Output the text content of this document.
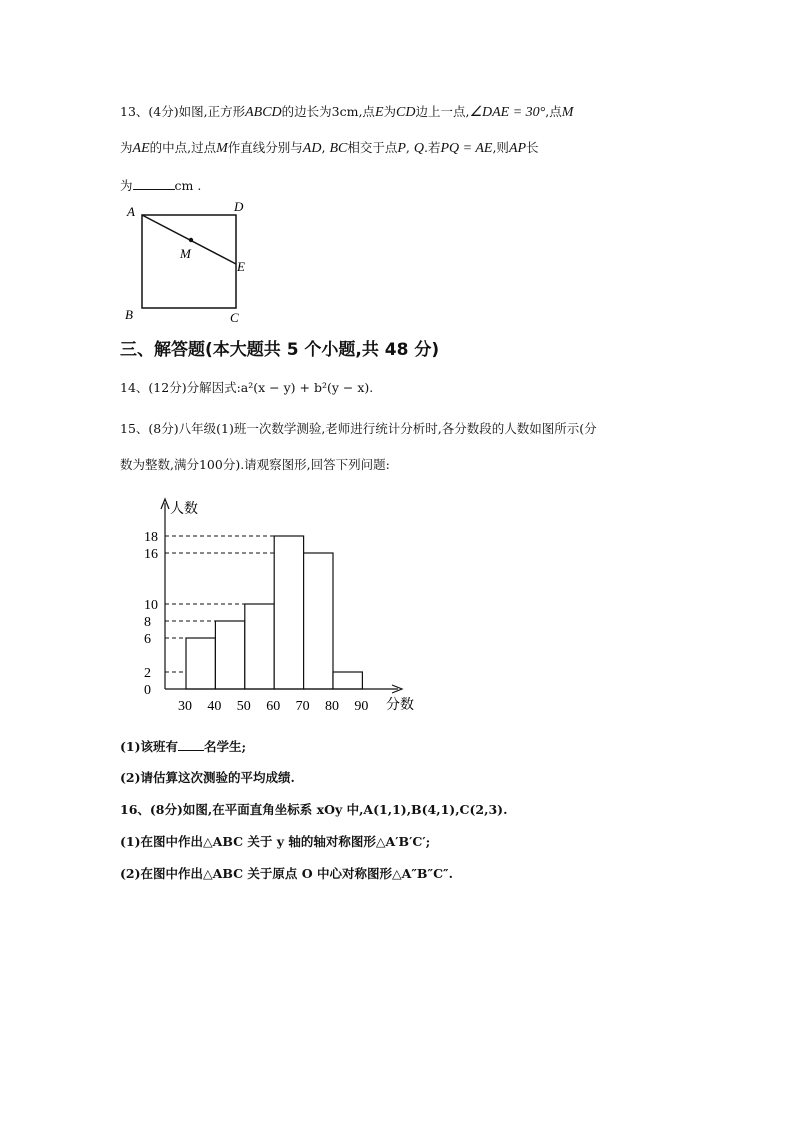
13、(4分)如图,正方形ABCD的边长为3cm,点E为CD边上一点,∠DAE = 30°,点M
为AE的中点,过点M作直线分别与AD, BC相交于点P, Q.若PQ = AE,则AP长
为	cm .
A	D
M
E
B	C
三、解答题(本大题共 5 个小题,共 48 分)
14、(12分)分解因式:a²(x − y) + b²(y − x).
15、(8分)八年级(1)班一次数学测验,老师进行统计分析时,各分数段的人数如图所示(分
数为整数,满分100分).请观察图形,回答下列问题:
0
2
6
8
10
16
18
30 40 50 60 70 80 90
人数
分数
(1)该班有 名学生;
(2)请估算这次测验的平均成绩.
16、(8分)如图,在平面直角坐标系 xOy 中,A(1,1),B(4,1),C(2,3).
(1)在图中作出△ABC 关于 y 轴的轴对称图形△A′B′C′;
(2)在图中作出△ABC 关于原点 O 中心对称图形△A″B″C″.
